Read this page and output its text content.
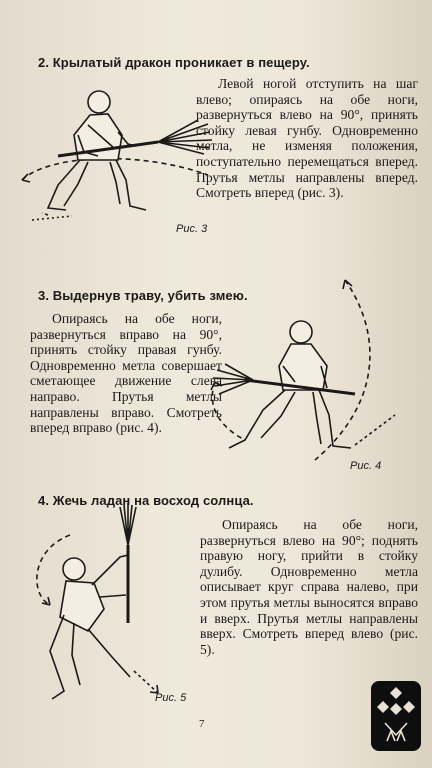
2. Крылатый дракон проникает в пещеру.
Рис. 3

Левой ногой отступить на шаг влево; опираясь на обе ноги, развернуться влево на 90°, принять стойку левая гунбу. Одновременно метла, не изменяя положения, поступательно перемещаться вперед. Прутья метлы направлены вперед. Смотреть вперед (рис. 3).

3. Выдернув траву, убить змею.

Опираясь на обе ноги, развернуться вправо на 90°, принять стойку правая гунбу. Одновременно метла совершает сметающее движение слева направо. Прутья метлы направлены вправо. Смотреть вперед вправо (рис. 4).

Рис. 4
4. Жечь ладан на восход солнца.
Рис. 5

Опираясь на обе ноги, развернуться влево на 90°; поднять правую ногу, прийти в стойку дулибу. Одновременно метла описывает круг справа налево, при этом прутья метлы выносятся вправо и вверх. Прутья метлы направлены вверх. Смотреть вперед влево (рис. 5).

7
